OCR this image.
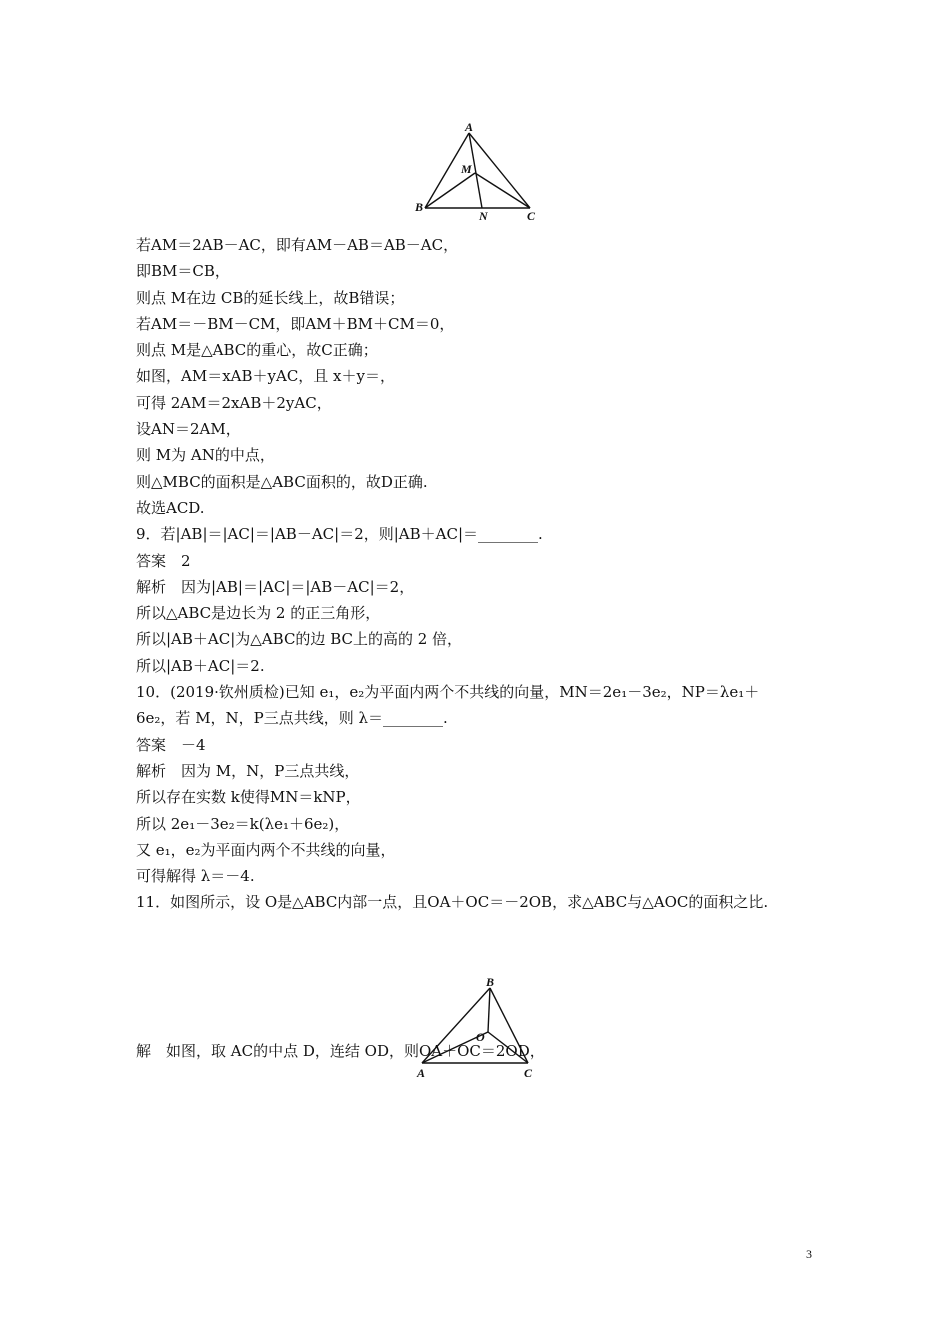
A
B
C
M
N
若AM＝2AB－AC，即有AM－AB＝AB－AC，
即BM＝CB，
则点 M在边 CB的延长线上，故B错误；
若AM＝－BM－CM，即AM＋BM＋CM＝0，
则点 M是△ABC的重心，故C正确；
如图，AM＝xAB＋yAC，且 x＋y＝，
可得 2AM＝2xAB＋2yAC，
设AN＝2AM，
则 M为 AN的中点，
则△MBC的面积是△ABC面积的，故D正确.
故选ACD.
9．若|AB|＝|AC|＝|AB－AC|＝2，则|AB＋AC|＝________.
答案　2
解析　因为|AB|＝|AC|＝|AB－AC|＝2，
所以△ABC是边长为 2 的正三角形，
所以|AB＋AC|为△ABC的边 BC上的高的 2 倍，
所以|AB＋AC|＝2.
10．(2019·钦州质检)已知 e₁，e₂为平面内两个不共线的向量，MN＝2e₁－3e₂，NP＝λe₁＋
6e₂，若 M，N，P三点共线，则 λ＝________.
答案　－4
解析　因为 M，N，P三点共线，
所以存在实数 k使得MN＝kNP，
所以 2e₁－3e₂＝k(λe₁＋6e₂)，
又 e₁，e₂为平面内两个不共线的向量，
可得解得 λ＝－4.
11．如图所示，设 O是△ABC内部一点，且OA＋OC＝－2OB，求△ABC与△AOC的面积之比.
解　如图，取 AC的中点 D，连结 OD，则OA＋OC＝2OD，
B
O
A	C
3
